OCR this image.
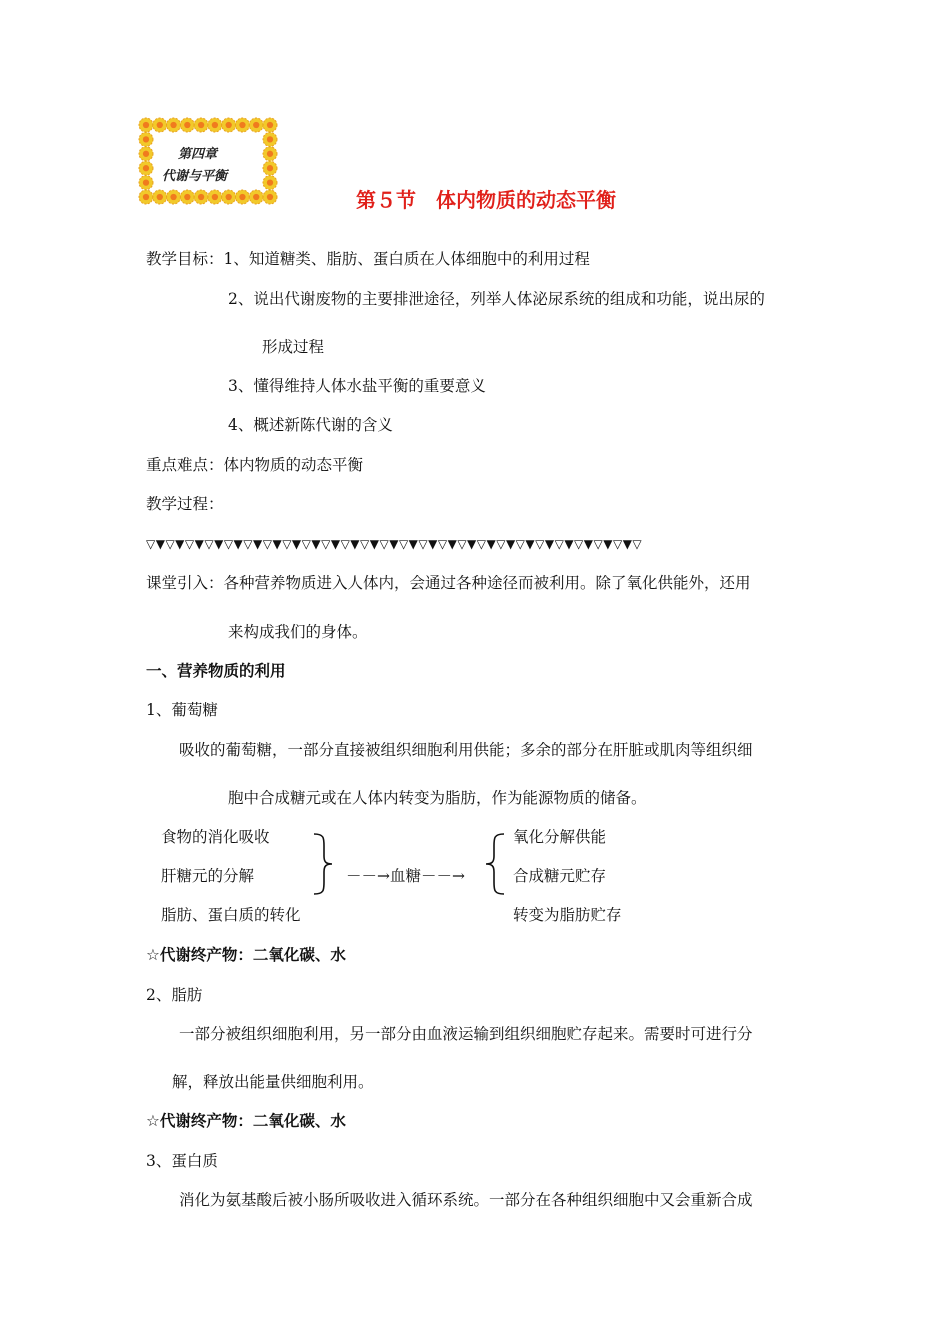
第四章
代谢与平衡
第５节　体内物质的动态平衡
教学目标：1、知道糖类、脂肪、蛋白质在人体细胞中的利用过程
2、说出代谢废物的主要排泄途径，列举人体泌尿系统的组成和功能，说出尿的
形成过程
3、懂得维持人体水盐平衡的重要意义
4、概述新陈代谢的含义
重点难点：体内物质的动态平衡
教学过程：
▽▼▽▼▽▼▽▼▽▼▽▼▽▼▽▼▽▼▽▼▽▼▽▼▽▼▽▼▽▼▽▼▽▼▽▼▽▼▽▼▽▼▽▼▽▼▽▼▽▼▽
课堂引入：各种营养物质进入人体内，会通过各种途径而被利用。除了氧化供能外，还用
来构成我们的身体。
一、营养物质的利用
1、葡萄糖
吸收的葡萄糖，一部分直接被组织细胞利用供能；多余的部分在肝脏或肌肉等组织细
胞中合成糖元或在人体内转变为脂肪，作为能源物质的储备。
食物的消化吸收
肝糖元的分解
脂肪、蛋白质的转化
－－→血糖－－→
氧化分解供能
合成糖元贮存
转变为脂肪贮存
☆代谢终产物：二氧化碳、水
2、脂肪
一部分被组织细胞利用，另一部分由血液运输到组织细胞贮存起来。需要时可进行分
解，释放出能量供细胞利用。
☆代谢终产物：二氧化碳、水
3、蛋白质
消化为氨基酸后被小肠所吸收进入循环系统。一部分在各种组织细胞中又会重新合成
